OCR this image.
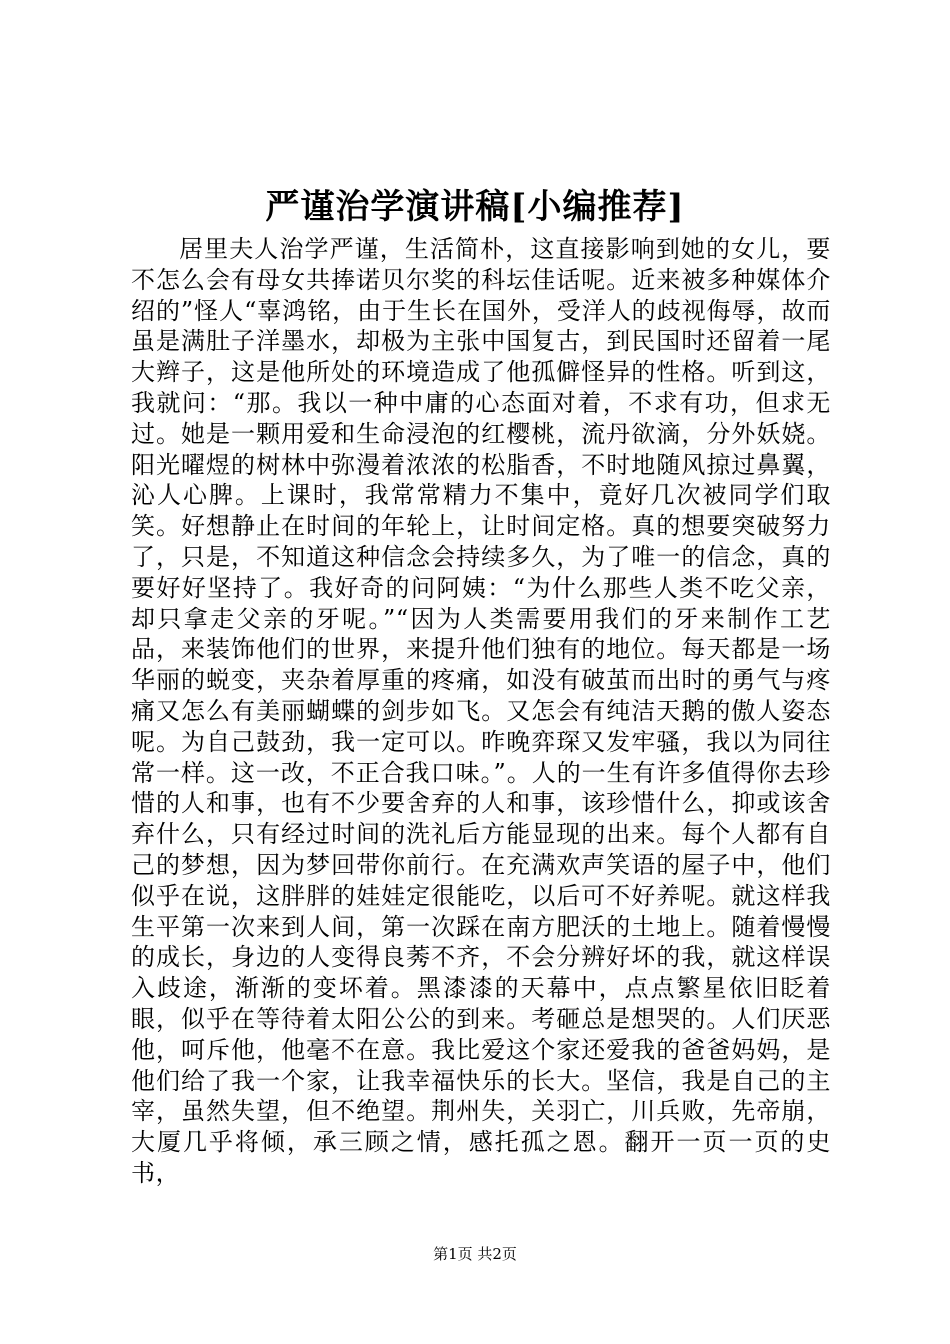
严谨治学演讲稿[小编推荐]

居里夫人治学严谨，生活简朴，这直接影响到她的女儿，要不怎么会有母女共捧诺贝尔奖的科坛佳话呢。近来被多种媒体介绍的”怪人“辜鸿铭，由于生长在国外，受洋人的歧视侮辱，故而虽是满肚子洋墨水，却极为主张中国复古，到民国时还留着一尾大辫子，这是他所处的环境造成了他孤僻怪异的性格。听到这，我就问：“那。我以一种中庸的心态面对着，不求有功，但求无过。她是一颗用爱和生命浸泡的红樱桃，流丹欲滴，分外妖娆。阳光曜煜的树林中弥漫着浓浓的松脂香，不时地随风掠过鼻翼，沁人心脾。上课时，我常常精力不集中，竟好几次被同学们取笑。好想静止在时间的年轮上，让时间定格。真的想要突破努力了，只是，不知道这种信念会持续多久，为了唯一的信念，真的要好好坚持了。我好奇的问阿姨：“为什么那些人类不吃父亲，却只拿走父亲的牙呢。”“因为人类需要用我们的牙来制作工艺品，来装饰他们的世界，来提升他们独有的地位。每天都是一场华丽的蜕变，夹杂着厚重的疼痛，如没有破茧而出时的勇气与疼痛又怎么有美丽蝴蝶的剑步如飞。又怎会有纯洁天鹅的傲人姿态呢。为自己鼓劲，我一定可以。昨晚弈琛又发牢骚，我以为同往常一样。这一改，不正合我口味。”。人的一生有许多值得你去珍惜的人和事，也有不少要舍弃的人和事，该珍惜什么，抑或该舍弃什么，只有经过时间的洗礼后方能显现的出来。每个人都有自己的梦想，因为梦回带你前行。在充满欢声笑语的屋子中，他们似乎在说，这胖胖的娃娃定很能吃，以后可不好养呢。就这样我生平第一次来到人间，第一次踩在南方肥沃的土地上。随着慢慢的成长，身边的人变得良莠不齐，不会分辨好坏的我，就这样误入歧途，渐渐的变坏着。黑漆漆的天幕中，点点繁星依旧眨着眼，似乎在等待着太阳公公的到来。考砸总是想哭的。人们厌恶他，呵斥他，他毫不在意。我比爱这个家还爱我的爸爸妈妈，是他们给了我一个家，让我幸福快乐的长大。坚信，我是自己的主宰，虽然失望，但不绝望。荆州失，关羽亡，川兵败，先帝崩，大厦几乎将倾，承三顾之情，感托孤之恩。翻开一页一页的史书，

第1页 共2页
